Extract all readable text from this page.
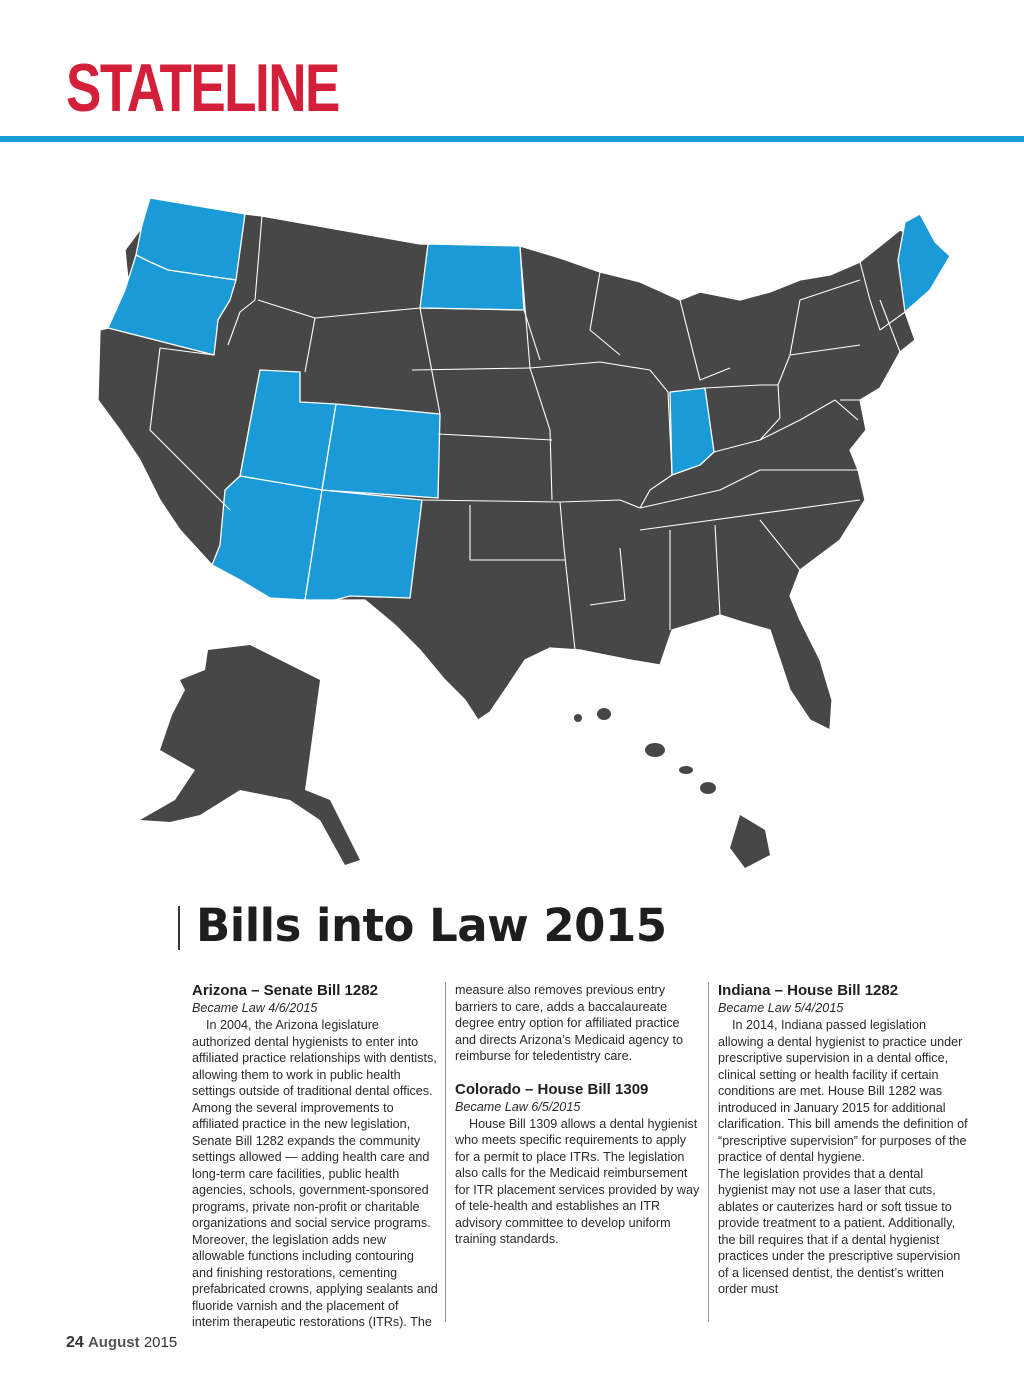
STATELINE
Bills into Law 2015
Arizona – Senate Bill 1282
Became Law 4/6/2015

In 2004, the Arizona legislature authorized dental hygienists to enter into affiliated practice relationships with dentists, allowing them to work in public health settings outside of traditional dental offices. Among the several improvements to affiliated practice in the new legislation, Senate Bill 1282 expands the community settings allowed — adding health care and long-term care facilities, public health agencies, schools, government-sponsored programs, private non-profit or charitable organizations and social service programs. Moreover, the legislation adds new allowable functions including contouring and finishing restorations, cementing prefabricated crowns, applying sealants and fluoride varnish and the placement of interim therapeutic restorations (ITRs). The

measure also removes previous entry barriers to care, adds a baccalaureate degree entry option for affiliated practice and directs Arizona’s Medicaid agency to reimburse for teledentistry care.

Colorado – House Bill 1309
Became Law 6/5/2015

House Bill 1309 allows a dental hygienist who meets specific requirements to apply for a permit to place ITRs. The legislation also calls for the Medicaid reimbursement for ITR placement services provided by way of tele-health and establishes an ITR advisory committee to develop uniform training standards.

Indiana – House Bill 1282
Became Law 5/4/2015

In 2014, Indiana passed legislation allowing a dental hygienist to practice under prescriptive supervision in a dental office, clinical setting or health facility if certain conditions are met. House Bill 1282 was introduced in January 2015 for additional clarification. This bill amends the definition of “prescriptive supervision” for purposes of the practice of dental hygiene.

The legislation provides that a dental hygienist may not use a laser that cuts, ablates or cauterizes hard or soft tissue to provide treatment to a patient. Additionally, the bill requires that if a dental hygienist practices under the prescriptive supervision of a licensed dentist, the dentist’s written order must

24 August 2015
